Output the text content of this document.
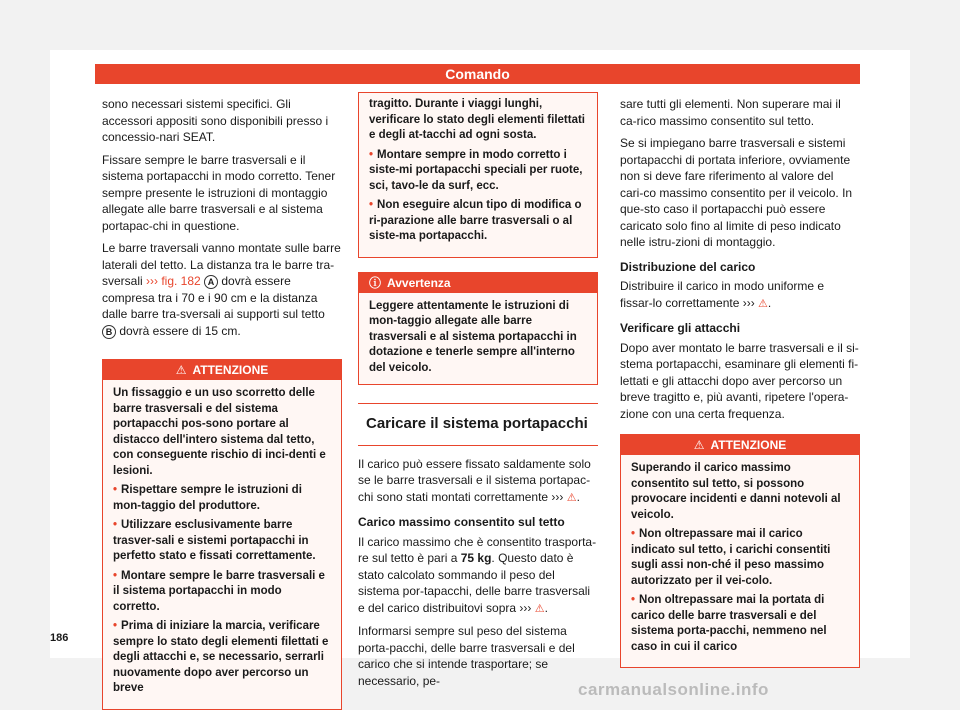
Comando

sono necessari sistemi specifici. Gli accessori appositi sono disponibili presso i concessio-nari SEAT.

Fissare sempre le barre trasversali e il sistema portapacchi in modo corretto. Tener sempre presente le istruzioni di montaggio allegate alle barre trasversali e al sistema portapac-chi in questione.

Le barre traversali vanno montate sulle barre laterali del tetto. La distanza tra le barre tra-sversali ››› fig. 182 A dovrà essere compresa tra i 70 e i 90 cm e la distanza dalle barre tra-sversali ai supporti sul tetto B dovrà essere di 15 cm.

⚠ ATTENZIONE

Un fissaggio e un uso scorretto delle barre trasversali e del sistema portapacchi pos-sono portare al distacco dell'intero sistema dal tetto, con conseguente rischio di inci-denti e lesioni.

• Rispettare sempre le istruzioni di mon-taggio del produttore.

• Utilizzare esclusivamente barre trasver-sali e sistemi portapacchi in perfetto stato e fissati correttamente.

• Montare sempre le barre trasversali e il sistema portapacchi in modo corretto.

• Prima di iniziare la marcia, verificare sempre lo stato degli elementi filettati e degli attacchi e, se necessario, serrarli nuovamente dopo aver percorso un breve

tragitto. Durante i viaggi lunghi, verificare lo stato degli elementi filettati e degli at-tacchi ad ogni sosta.

• Montare sempre in modo corretto i siste-mi portapacchi speciali per ruote, sci, tavo-le da surf, ecc.

• Non eseguire alcun tipo di modifica o ri-parazione alle barre trasversali o al siste-ma portapacchi.

ⓘ Avvertenza
Leggere attentamente le istruzioni di mon-taggio allegate alle barre trasversali e al sistema portapacchi in dotazione e tenerle sempre all'interno del veicolo.
Caricare il sistema portapacchi

Il carico può essere fissato saldamente solo se le barre trasversali e il sistema portapac-chi sono stati montati correttamente ››› ⚠.

Carico massimo consentito sul tetto

Il carico massimo che è consentito trasporta-re sul tetto è pari a 75 kg. Questo dato è stato calcolato sommando il peso del sistema por-tapacchi, delle barre trasversali e del carico distribuitovi sopra ››› ⚠.

Informarsi sempre sul peso del sistema porta-pacchi, delle barre trasversali e del carico che si intende trasportare; se necessario, pe-

sare tutti gli elementi. Non superare mai il ca-rico massimo consentito sul tetto.

Se si impiegano barre trasversali e sistemi portapacchi di portata inferiore, ovviamente non si deve fare riferimento al valore del cari-co massimo consentito per il veicolo. In que-sto caso il portapacchi può essere caricato solo fino al limite di peso indicato nelle istru-zioni di montaggio.

Distribuzione del carico

Distribuire il carico in modo uniforme e fissar-lo correttamente ››› ⚠.

Verificare gli attacchi

Dopo aver montato le barre trasversali e il si-stema portapacchi, esaminare gli elementi fi-lettati e gli attacchi dopo aver percorso un breve tragitto e, più avanti, ripetere l'opera-zione con una certa frequenza.

⚠ ATTENZIONE

Superando il carico massimo consentito sul tetto, si possono provocare incidenti e danni notevoli al veicolo.

• Non oltrepassare mai il carico indicato sul tetto, i carichi consentiti sugli assi non-ché il peso massimo autorizzato per il vei-colo.

• Non oltrepassare mai la portata di carico delle barre trasversali e del sistema porta-pacchi, nemmeno nel caso in cui il carico

186
carmanualsonline.info
